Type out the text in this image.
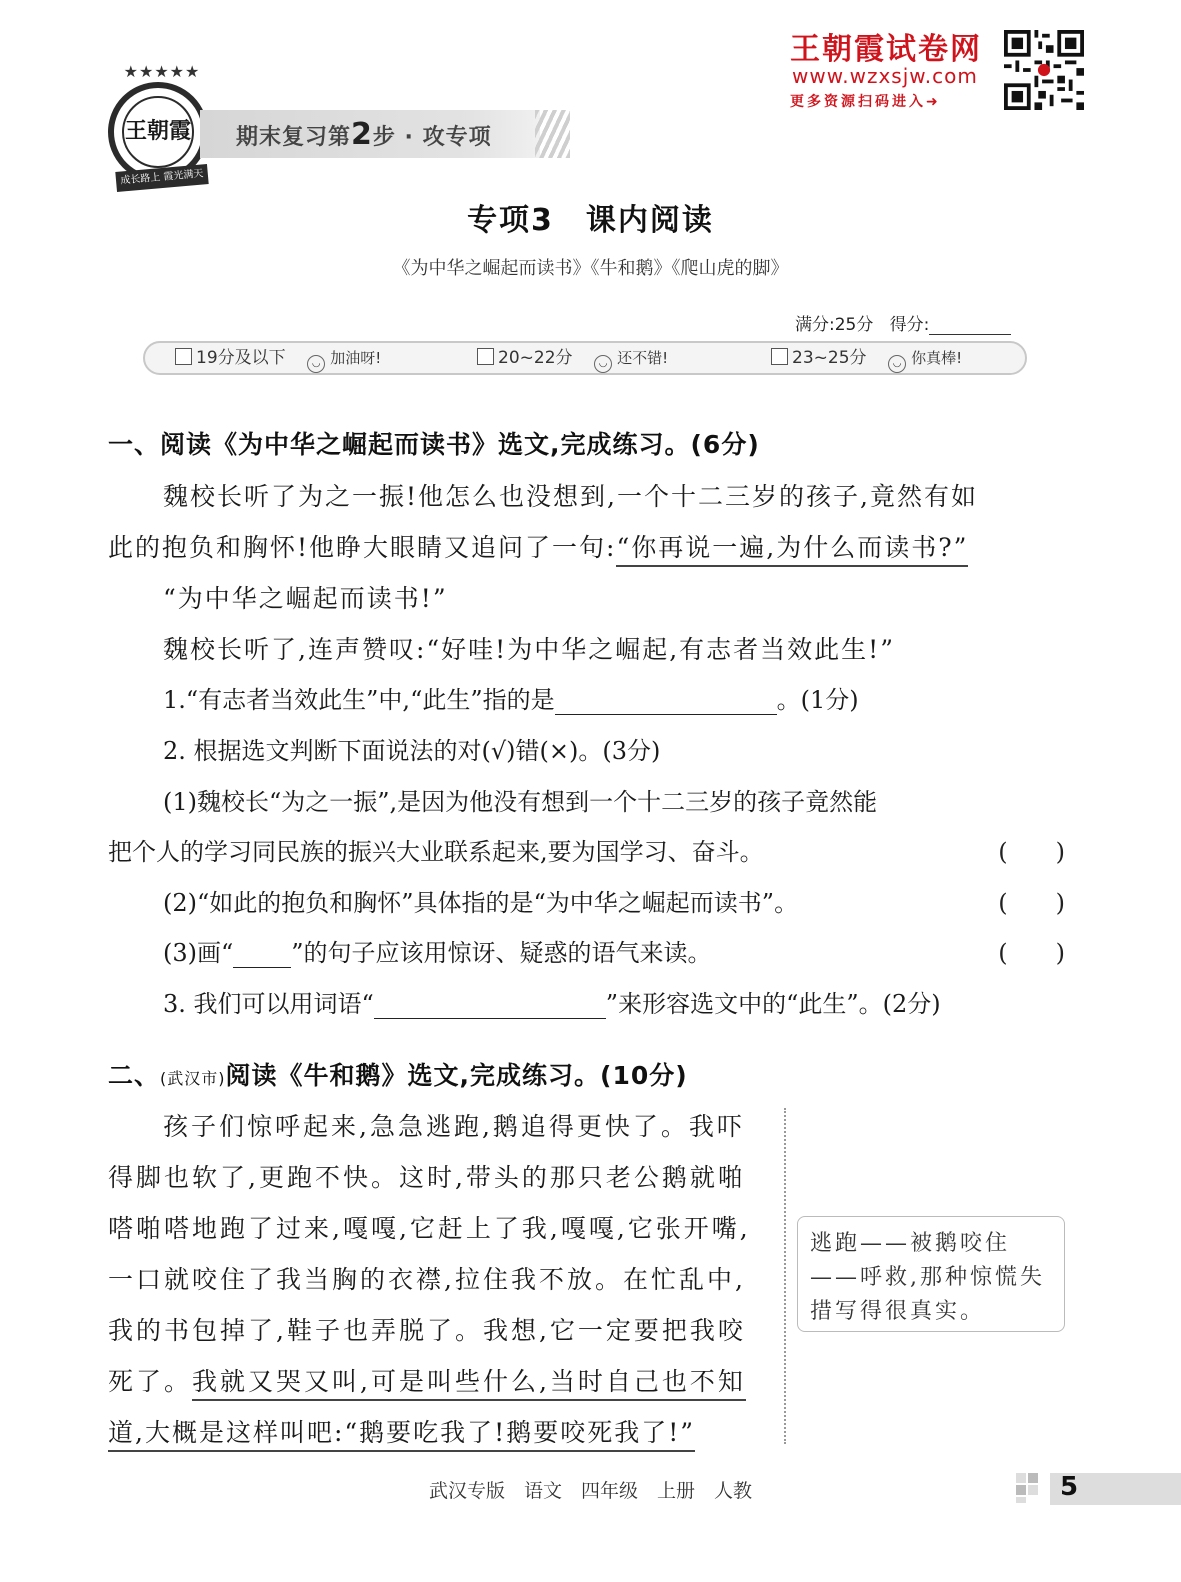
★★★★★
王朝霞
成长路上 霞光满天
期末复习第2步 · 攻专项
王朝霞试卷网
www.wzxsjw.com
更多资源扫码进入➜
专项3　课内阅读
《为中华之崛起而读书》《牛和鹅》《爬山虎的脚》
满分:25分 得分:
19分及以下	◡ 加油呀!	20~22分	◡ 还不错!	23~25分	◡ 你真棒!
一、阅读《为中华之崛起而读书》选文,完成练习。(6分)
魏校长听了为之一振!他怎么也没想到,一个十二三岁的孩子,竟然有如
此的抱负和胸怀!他睁大眼睛又追问了一句:“你再说一遍,为什么而读书?”
“为中华之崛起而读书!”
魏校长听了,连声赞叹:“好哇!为中华之崛起,有志者当效此生!”
1.“有志者当效此生”中,“此生”指的是	。(1分)
2. 根据选文判断下面说法的对(√)错(×)。(3分)
(1)魏校长“为之一振”,是因为他没有想到一个十二三岁的孩子竟然能
把个人的学习同民族的振兴大业联系起来,要为国学习、奋斗。	(　　)
(2)“如此的抱负和胸怀”具体指的是“为中华之崛起而读书”。	(　　)
(3)画“ ”的句子应该用惊讶、疑惑的语气来读。	(　　)
3. 我们可以用词语“	”来形容选文中的“此生”。(2分)
二、(武汉市)阅读《牛和鹅》选文,完成练习。(10分)
孩子们惊呼起来,急急逃跑,鹅追得更快了。我吓
得脚也软了,更跑不快。这时,带头的那只老公鹅就啪
嗒啪嗒地跑了过来,嘎嘎,它赶上了我,嘎嘎,它张开嘴,
一口就咬住了我当胸的衣襟,拉住我不放。在忙乱中,
我的书包掉了,鞋子也弄脱了。我想,它一定要把我咬
死了。我就又哭又叫,可是叫些什么,当时自己也不知
道,大概是这样叫吧:“鹅要吃我了!鹅要咬死我了!”
逃跑——被鹅咬住——呼救,那种惊慌失措写得很真实。
武汉专版　语文　四年级　上册　人教	5
